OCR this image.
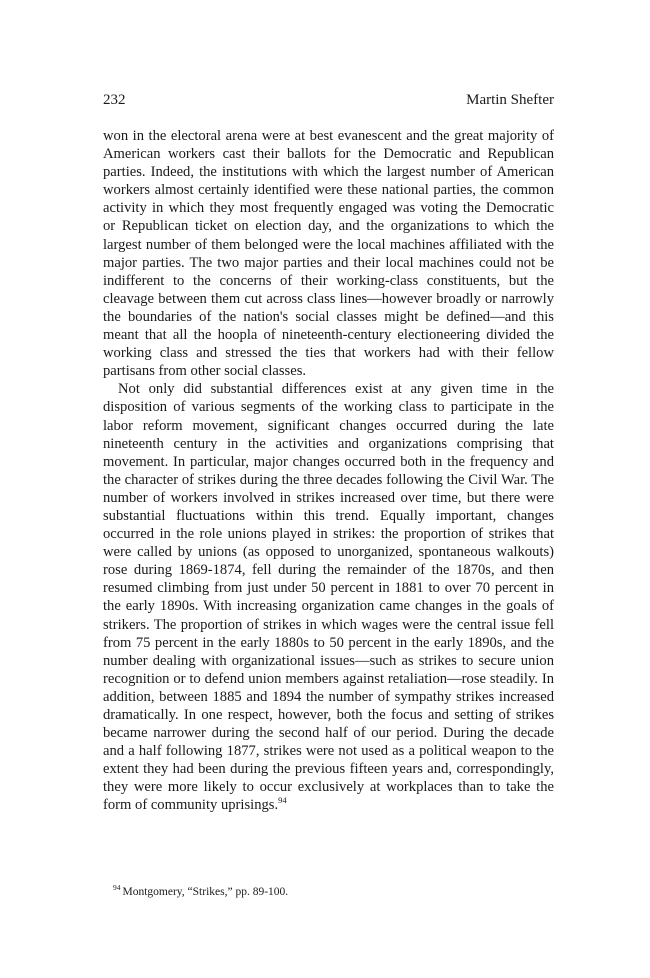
232	Martin Shefter

won in the electoral arena were at best evanescent and the great majority of American workers cast their ballots for the Democratic and Republican parties. Indeed, the institutions with which the largest number of American workers almost certainly identified were these national parties, the common activity in which they most frequently engaged was voting the Democratic or Republican ticket on election day, and the organizations to which the largest number of them belonged were the local machines affiliated with the major parties. The two major parties and their local machines could not be indifferent to the concerns of their working-class constituents, but the cleavage between them cut across class lines—however broadly or narrowly the boundaries of the nation's social classes might be defined—and this meant that all the hoopla of nineteenth-century electioneering divided the working class and stressed the ties that workers had with their fellow partisans from other social classes.

Not only did substantial differences exist at any given time in the disposition of various segments of the working class to participate in the labor reform movement, significant changes occurred during the late nineteenth century in the activities and organizations comprising that movement. In particular, major changes occurred both in the frequency and the character of strikes during the three decades following the Civil War. The number of workers involved in strikes increased over time, but there were substantial fluctuations within this trend. Equally important, changes occurred in the role unions played in strikes: the proportion of strikes that were called by unions (as opposed to unorganized, spontaneous walkouts) rose during 1869-1874, fell during the remainder of the 1870s, and then resumed climbing from just under 50 percent in 1881 to over 70 percent in the early 1890s. With increasing organization came changes in the goals of strikers. The proportion of strikes in which wages were the central issue fell from 75 percent in the early 1880s to 50 percent in the early 1890s, and the number dealing with organizational issues—such as strikes to secure union recognition or to defend union members against retaliation—rose steadily. In addition, between 1885 and 1894 the number of sympathy strikes increased dramatically. In one respect, however, both the focus and setting of strikes became narrower during the second half of our period. During the decade and a half following 1877, strikes were not used as a political weapon to the extent they had been during the previous fifteen years and, correspondingly, they were more likely to occur exclusively at workplaces than to take the form of community uprisings.$^{94}$

$^{94}$ Montgomery, “Strikes,” pp. 89-100.
